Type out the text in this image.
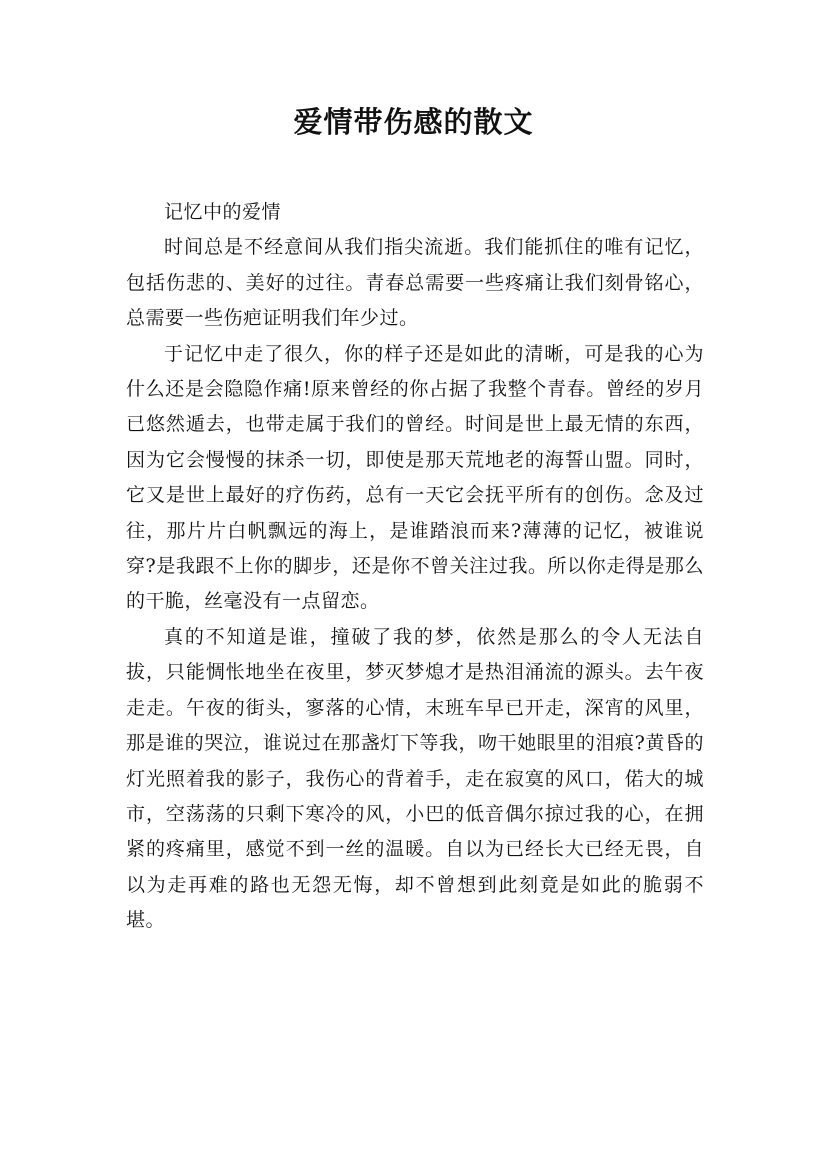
爱情带伤感的散文

记忆中的爱情

时间总是不经意间从我们指尖流逝。我们能抓住的唯有记忆，包括伤悲的、美好的过往。青春总需要一些疼痛让我们刻骨铭心，总需要一些伤疤证明我们年少过。

于记忆中走了很久，你的样子还是如此的清晰，可是我的心为什么还是会隐隐作痛!原来曾经的你占据了我整个青春。曾经的岁月已悠然遁去，也带走属于我们的曾经。时间是世上最无情的东西，因为它会慢慢的抹杀一切，即使是那天荒地老的海誓山盟。同时，它又是世上最好的疗伤药，总有一天它会抚平所有的创伤。念及过往，那片片白帆飘远的海上，是谁踏浪而来?薄薄的记忆，被谁说穿?是我跟不上你的脚步，还是你不曾关注过我。所以你走得是那么的干脆，丝毫没有一点留恋。

真的不知道是谁，撞破了我的梦，依然是那么的令人无法自拔，只能惆怅地坐在夜里，梦灭梦熄才是热泪涌流的源头。去午夜走走。午夜的街头，寥落的心情，末班车早已开走，深宵的风里，那是谁的哭泣，谁说过在那盏灯下等我，吻干她眼里的泪痕?黄昏的灯光照着我的影子，我伤心的背着手，走在寂寞的风口，偌大的城市，空荡荡的只剩下寒冷的风，小巴的低音偶尔掠过我的心，在拥紧的疼痛里，感觉不到一丝的温暖。自以为已经长大已经无畏，自以为走再难的路也无怨无悔，却不曾想到此刻竟是如此的脆弱不堪。
